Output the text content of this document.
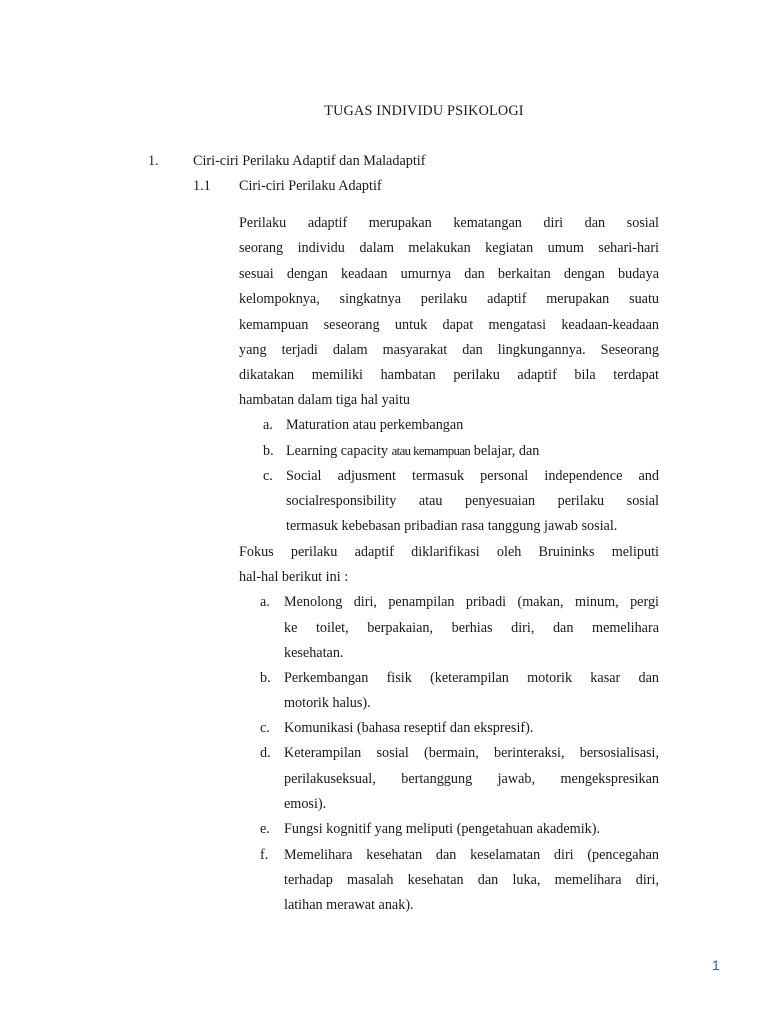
TUGAS INDIVIDU PSIKOLOGI
1. Ciri-ciri Perilaku Adaptif dan Maladaptif
1.1 Ciri-ciri Perilaku Adaptif
Perilaku adaptif merupakan kematangan diri dan sosial
seorang individu dalam melakukan kegiatan umum sehari-hari
sesuai dengan keadaan umurnya dan berkaitan dengan budaya
kelompoknya, singkatnya perilaku adaptif merupakan suatu
kemampuan seseorang untuk dapat mengatasi keadaan-keadaan
yang terjadi dalam masyarakat dan lingkungannya. Seseorang
dikatakan memiliki hambatan perilaku adaptif bila terdapat
hambatan dalam tiga hal yaitu
a. Maturation atau perkembangan
b. Learning capacity atau kemampuan belajar, dan
c. Social adjusment termasuk personal independence and
socialresponsibility atau penyesuaian perilaku sosial
termasuk kebebasan pribadian rasa tanggung jawab sosial.
Fokus perilaku adaptif diklarifikasi oleh Bruininks meliputi
hal-hal berikut ini :
a. Menolong diri, penampilan pribadi (makan, minum, pergi
ke toilet, berpakaian, berhias diri, dan memelihara
kesehatan.
b. Perkembangan fisik (keterampilan motorik kasar dan
motorik halus).
c. Komunikasi (bahasa reseptif dan ekspresif).
d. Keterampilan sosial (bermain, berinteraksi, bersosialisasi,
perilakuseksual, bertanggung jawab, mengekspresikan
emosi).
e. Fungsi kognitif yang meliputi (pengetahuan akademik).
f. Memelihara kesehatan dan keselamatan diri (pencegahan
terhadap masalah kesehatan dan luka, memelihara diri,
latihan merawat anak).
1
